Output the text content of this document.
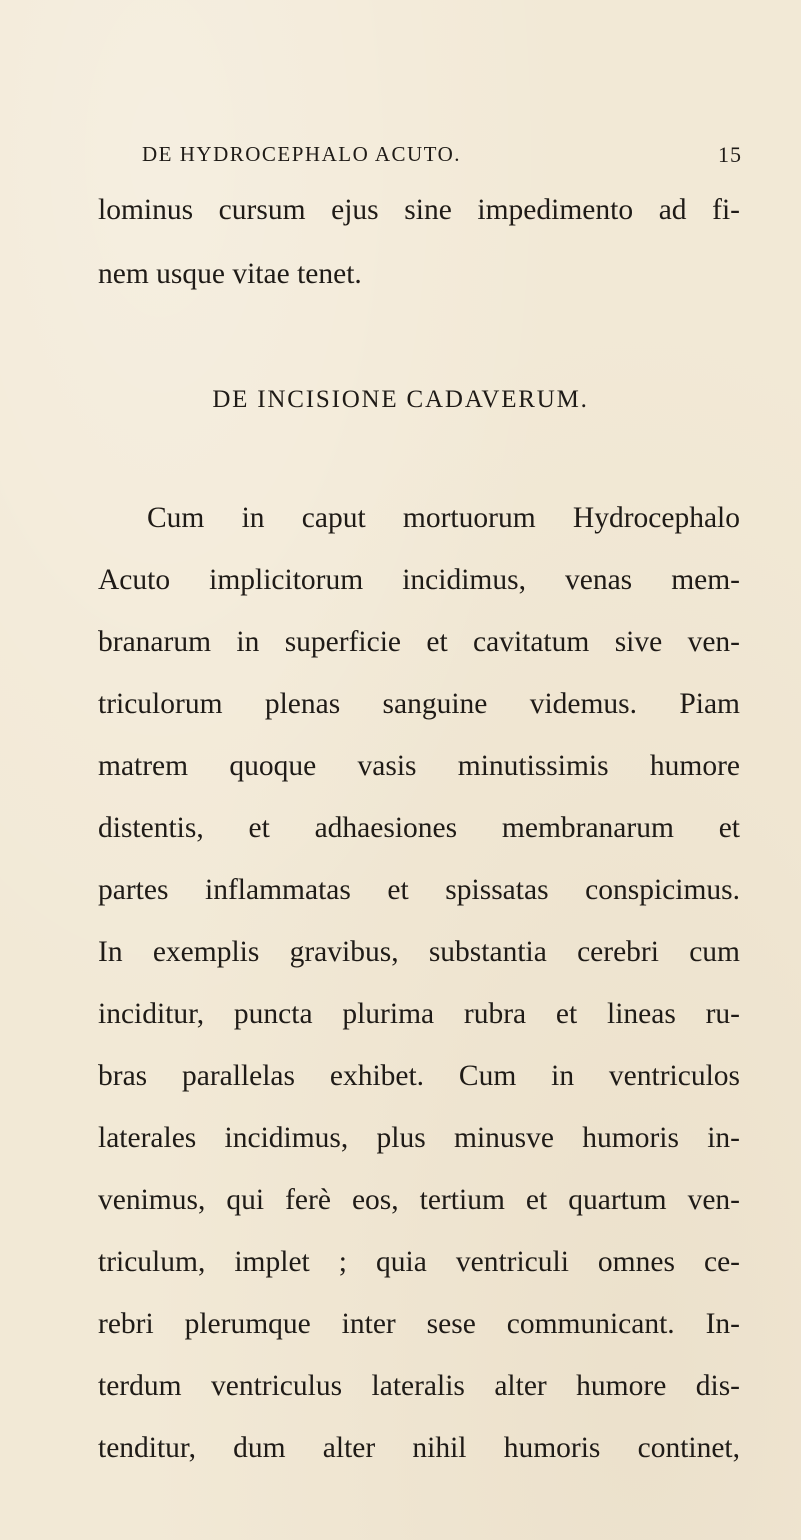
DE HYDROCEPHALO ACUTO.	15
lominus cursum ejus sine impedimento ad fi-
nem usque vitae tenet.
DE INCISIONE CADAVERUM.
Cum in caput mortuorum Hydrocephalo
Acuto implicitorum incidimus, venas mem-
branarum in superficie et cavitatum sive ven-
triculorum plenas sanguine videmus. Piam
matrem quoque vasis minutissimis humore
distentis, et adhaesiones membranarum et
partes inflammatas et spissatas conspicimus.
In exemplis gravibus, substantia cerebri cum
inciditur, puncta plurima rubra et lineas ru-
bras parallelas exhibet. Cum in ventriculos
laterales incidimus, plus minusve humoris in-
venimus, qui ferè eos, tertium et quartum ven-
triculum, implet ; quia ventriculi omnes ce-
rebri plerumque inter sese communicant. In-
terdum ventriculus lateralis alter humore dis-
tenditur, dum alter nihil humoris continet,
